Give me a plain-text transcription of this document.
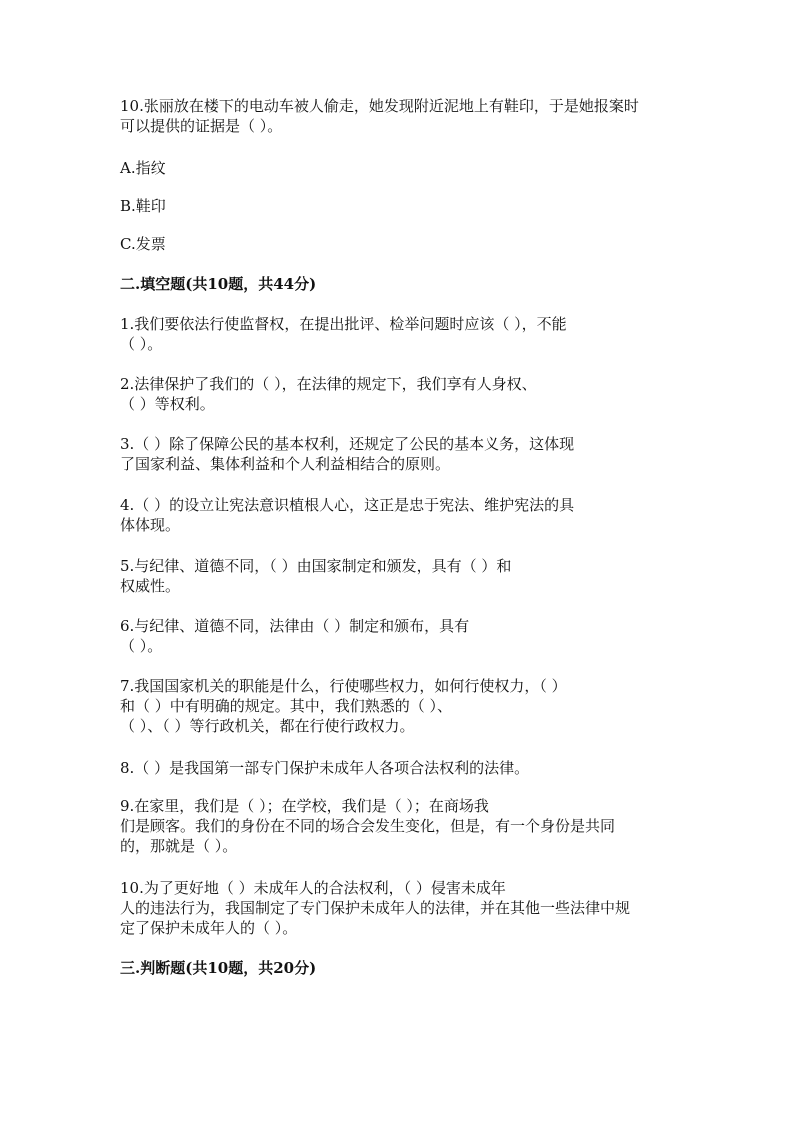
10.张丽放在楼下的电动车被人偷走，她发现附近泥地上有鞋印，于是她报案时
可以提供的证据是（ ）。
A.指纹
B.鞋印
C.发票
二.填空题(共10题，共44分)
1.我们要依法行使监督权，在提出批评、检举问题时应该（ ），不能
（ ）。
2.法律保护了我们的（ ），在法律的规定下，我们享有人身权、
（ ）等权利。
3.（ ）除了保障公民的基本权利，还规定了公民的基本义务，这体现
了国家利益、集体利益和个人利益相结合的原则。
4.（ ）的设立让宪法意识植根人心，这正是忠于宪法、维护宪法的具
体体现。
5.与纪律、道德不同，（ ）由国家制定和颁发，具有（ ）和
权威性。
6.与纪律、道德不同，法律由（ ）制定和颁布，具有
（ ）。
7.我国国家机关的职能是什么，行使哪些权力，如何行使权力，（ ）
和（ ）中有明确的规定。其中，我们熟悉的（ ）、
（ ）、（ ）等行政机关，都在行使行政权力。
8.（ ）是我国第一部专门保护未成年人各项合法权利的法律。
9.在家里，我们是（ ）；在学校，我们是（ ）；在商场我
们是顾客。我们的身份在不同的场合会发生变化，但是，有一个身份是共同
的，那就是（ ）。
10.为了更好地（ ）未成年人的合法权利，（ ）侵害未成年
人的违法行为，我国制定了专门保护未成年人的法律，并在其他一些法律中规
定了保护未成年人的（ ）。
三.判断题(共10题，共20分)
